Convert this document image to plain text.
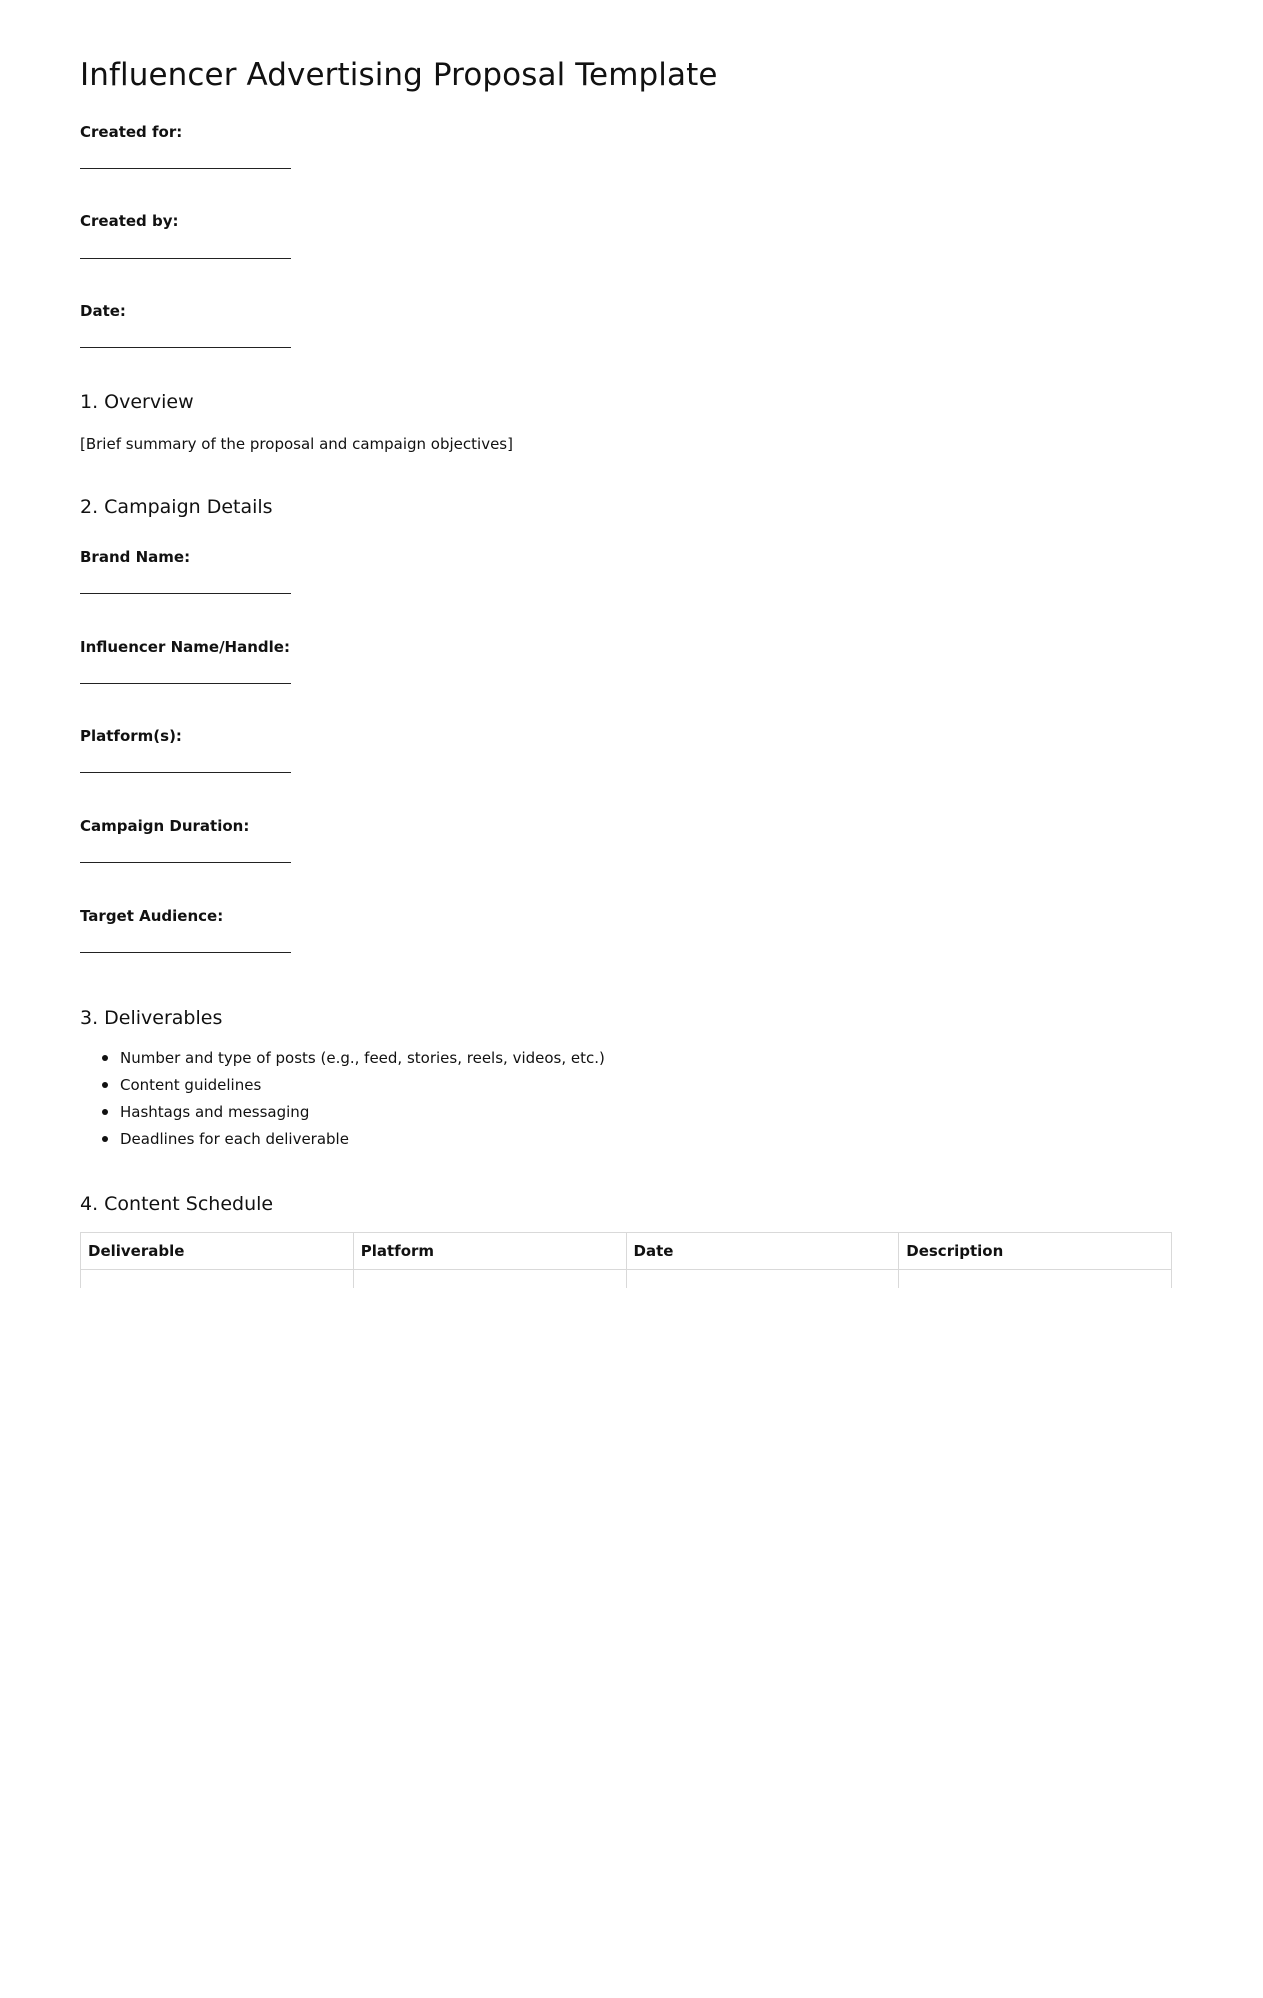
Influencer Advertising Proposal Template

Created for:

Created by:

Date:

1. Overview

[Brief summary of the proposal and campaign objectives]

2. Campaign Details

Brand Name:

Influencer Name/Handle:

Platform(s):

Campaign Duration:

Target Audience:

3. Deliverables
Number and type of posts (e.g., feed, stories, reels, videos, etc.)
Content guidelines
Hashtags and messaging
Deadlines for each deliverable
4. Content Schedule
Deliverable	Platform	Date	Description
